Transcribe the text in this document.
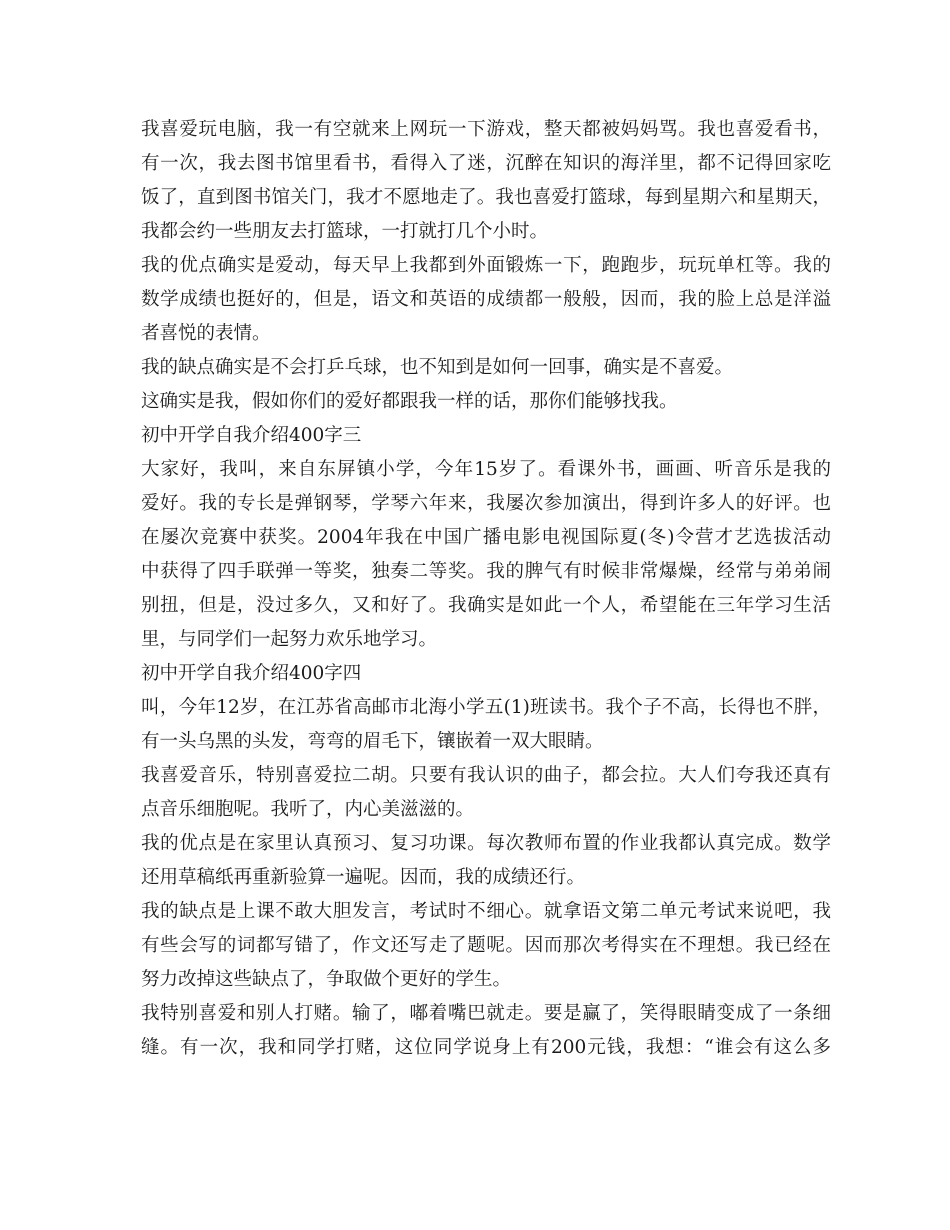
我喜爱玩电脑，我一有空就来上网玩一下游戏，整天都被妈妈骂。我也喜爱看书，
有一次，我去图书馆里看书，看得入了迷，沉醉在知识的海洋里，都不记得回家吃
饭了，直到图书馆关门，我才不愿地走了。我也喜爱打篮球，每到星期六和星期天，
我都会约一些朋友去打篮球，一打就打几个小时。
我的优点确实是爱动，每天早上我都到外面锻炼一下，跑跑步，玩玩单杠等。我的
数学成绩也挺好的，但是，语文和英语的成绩都一般般，因而，我的脸上总是洋溢
者喜悦的表情。
我的缺点确实是不会打乒乓球，也不知到是如何一回事，确实是不喜爱。
这确实是我，假如你们的爱好都跟我一样的话，那你们能够找我。
初中开学自我介绍400字三
大家好，我叫，来自东屏镇小学，今年15岁了。看课外书，画画、听音乐是我的
爱好。我的专长是弹钢琴，学琴六年来，我屡次参加演出，得到许多人的好评。也
在屡次竞赛中获奖。2004年我在中国广播电影电视国际夏(冬)令营才艺选拔活动
中获得了四手联弹一等奖，独奏二等奖。我的脾气有时候非常爆燥，经常与弟弟闹
别扭，但是，没过多久，又和好了。我确实是如此一个人，希望能在三年学习生活
里，与同学们一起努力欢乐地学习。
初中开学自我介绍400字四
叫，今年12岁，在江苏省高邮市北海小学五(1)班读书。我个子不高，长得也不胖，
有一头乌黑的头发，弯弯的眉毛下，镶嵌着一双大眼睛。
我喜爱音乐，特别喜爱拉二胡。只要有我认识的曲子，都会拉。大人们夸我还真有
点音乐细胞呢。我听了，内心美滋滋的。
我的优点是在家里认真预习、复习功课。每次教师布置的作业我都认真完成。数学
还用草稿纸再重新验算一遍呢。因而，我的成绩还行。
我的缺点是上课不敢大胆发言，考试时不细心。就拿语文第二单元考试来说吧，我
有些会写的词都写错了，作文还写走了题呢。因而那次考得实在不理想。我已经在
努力改掉这些缺点了，争取做个更好的学生。
我特别喜爱和别人打赌。输了，嘟着嘴巴就走。要是赢了，笑得眼睛变成了一条细
缝。有一次，我和同学打赌，这位同学说身上有200元钱，我想：“谁会有这么多
